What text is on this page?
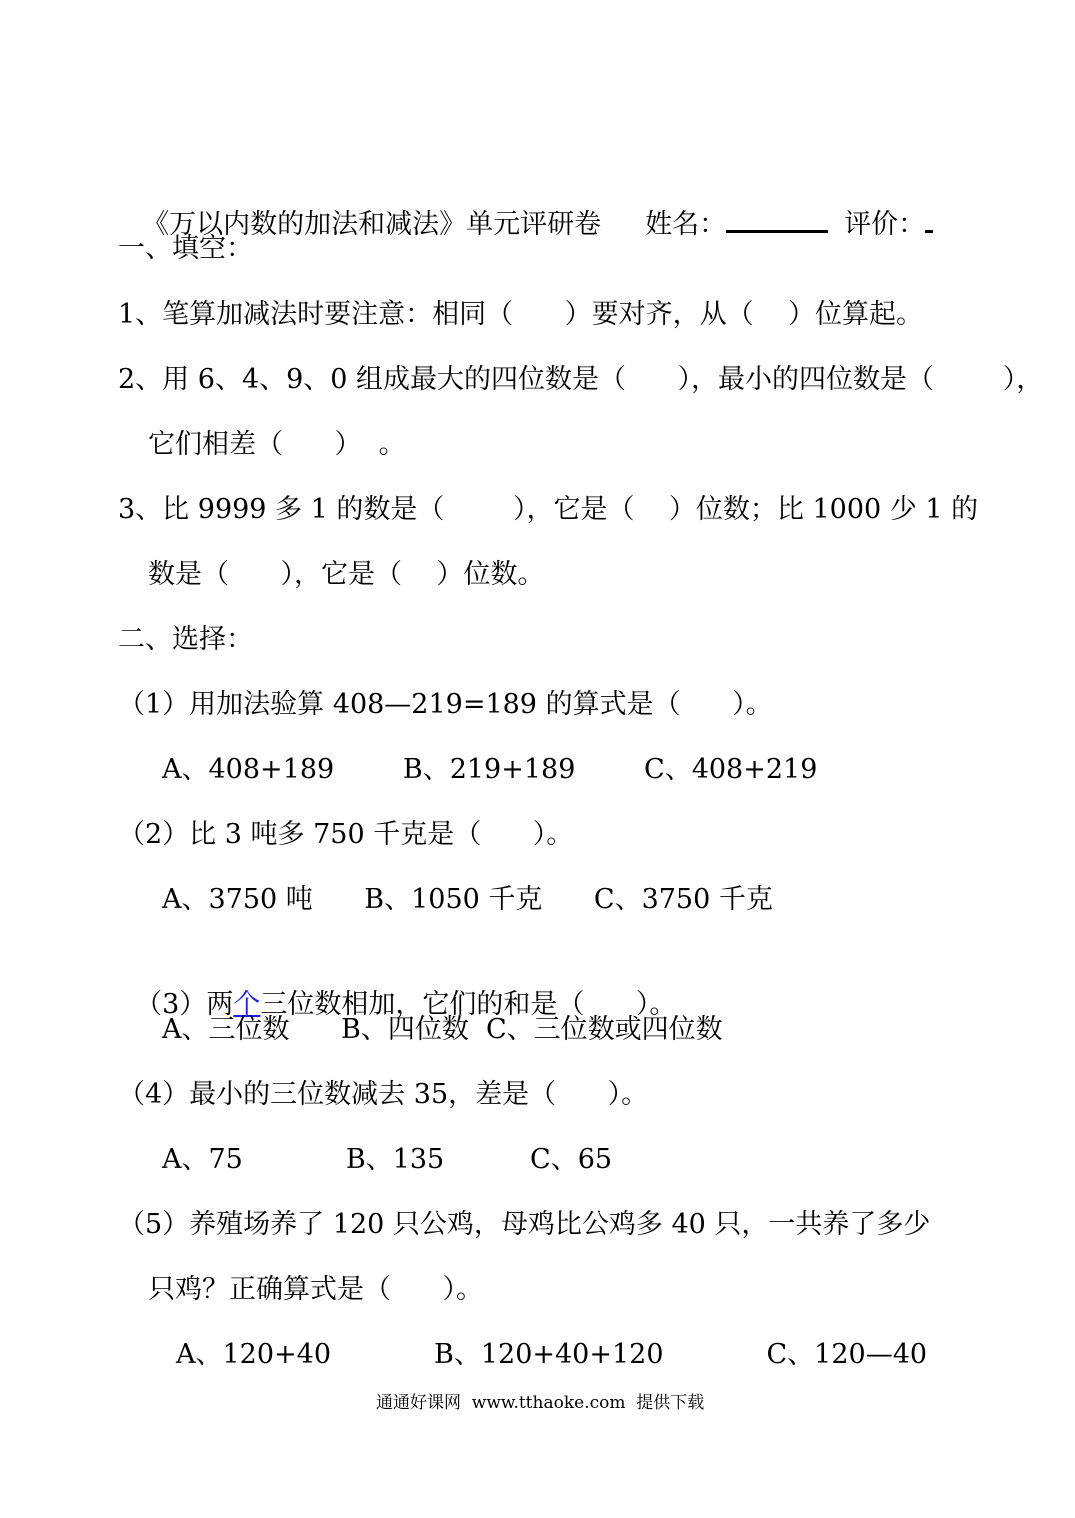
《万以内数的加法和减法》单元评研卷 姓名：	评价：

一、填空：
1、笔算加减法时要注意：相同（      ）要对齐，从（    ）位算起。
2、用 6、4、9、0 组成最大的四位数是（      ），最小的四位数是（        ），
它们相差（      ）  。
3、比 9999 多 1 的数是（        ），它是（    ）位数；比 1000 少 1 的
数是（      ），它是（    ）位数。
二、选择：
（1）用加法验算 408—219=189 的算式是（      ）。
A、408+189        B、219+189        C、408+219
（2）比 3 吨多 750 千克是（      ）。
A、3750 吨      B、1050 千克      C、3750 千克

（3）两个三位数相加，它们的和是（      ）。

A、三位数      B、四位数  C、三位数或四位数
（4）最小的三位数减去 35，差是（      ）。
A、75            B、135          C、65
（5）养殖场养了 120 只公鸡，母鸡比公鸡多 40 只，一共养了多少
只鸡？正确算式是（      ）。
A、120+40            B、120+40+120            C、120—40
通通好课网  www.tthaoke.com  提供下载
